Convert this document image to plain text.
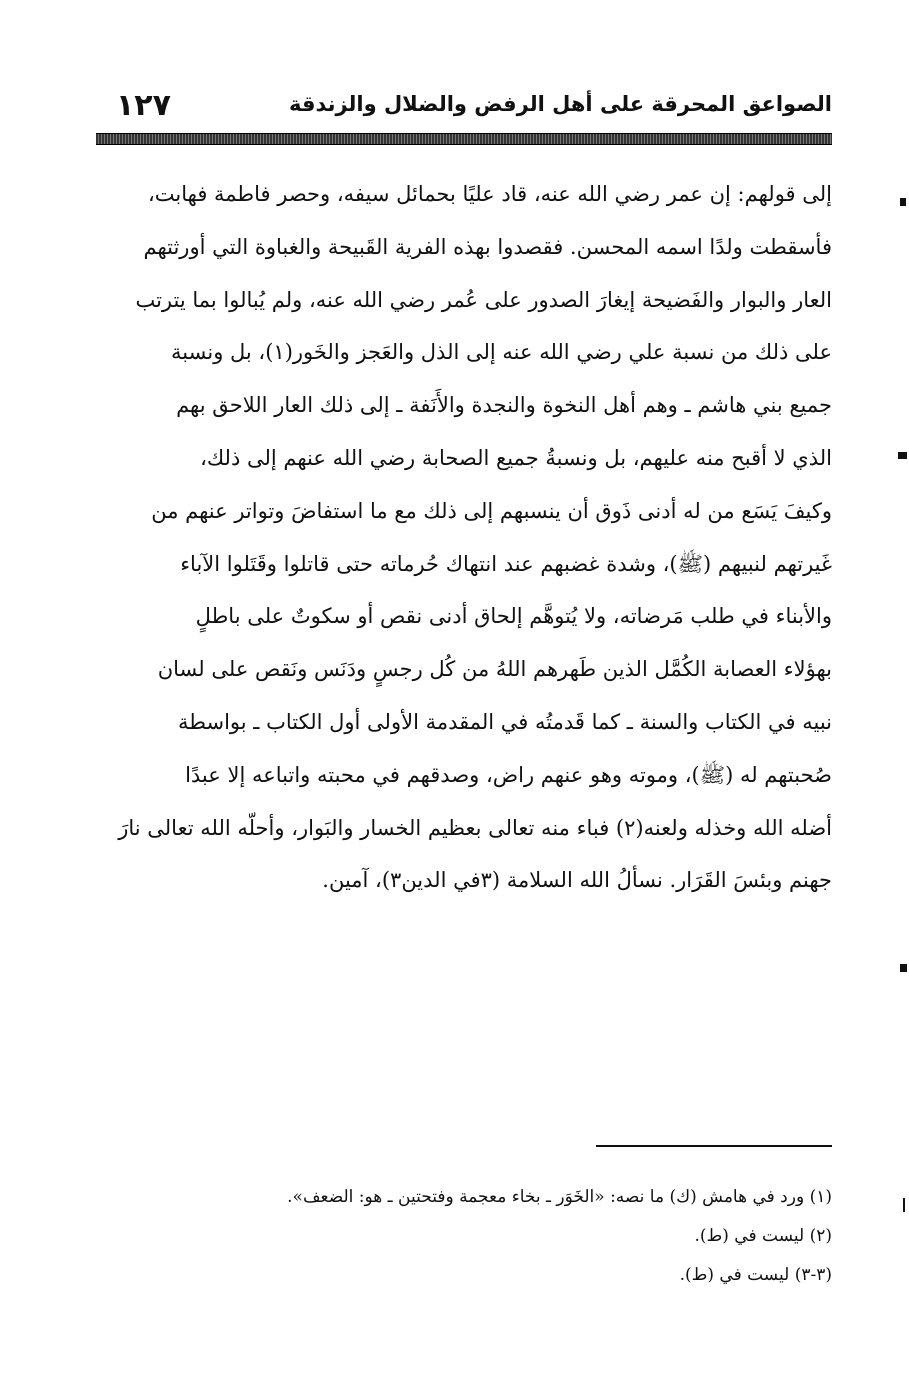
الصواعق المحرقة على أهل الرفض والضلال والزندقة
١٢٧
إلى قولهم: إن عمر رضي الله عنه، قاد عليًا بحمائل سيفه، وحصر فاطمة فهابت،
فأسقطت ولدًا اسمه المحسن. فقصدوا بهذه الفرية القَبيحة والغباوة التي أورثتهم
العار والبوار والفَضيحة إيغارَ الصدور على عُمر رضي الله عنه، ولم يُبالوا بما يترتب
على ذلك من نسبة علي رضي الله عنه إلى الذل والعَجز والخَور(١)، بل ونسبة
جميع بني هاشم ـ وهم أهل النخوة والنجدة والأَنَفة ـ إلى ذلك العار اللاحق بهم
الذي لا أقبح منه عليهم، بل ونسبةُ جميع الصحابة رضي الله عنهم إلى ذلك،
وكيفَ يَسَع من له أدنى ذَوق أن ينسبهم إلى ذلك مع ما استفاضَ وتواتر عنهم من
غَيرتهم لنبيهم (ﷺ)، وشدة غضبهم عند انتهاك حُرماته حتى قاتلوا وقَتَلوا الآباء
والأبناء في طلب مَرضاته، ولا يُتوهَّم إلحاق أدنى نقص أو سكوتٌ على باطلٍ
بهؤلاء العصابة الكُمَّل الذين طَهرهم اللهُ من كُل رجسٍ ودَنَس ونَقص على لسان
نبيه في الكتاب والسنة ـ كما قَدمتُه في المقدمة الأولى أول الكتاب ـ بواسطة
صُحبتهم له (ﷺ)، وموته وهو عنهم راض، وصدقهم في محبته واتباعه إلا عبدًا
أضله الله وخذله ولعنه(٢) فباء منه تعالى بعظيم الخسار والبَوار، وأحلّه الله تعالى نارَ
جهنم وبئسَ القَرَار. نسألُ الله السلامة (٣في الدين٣)، آمين.
(١) ورد في هامش (ك) ما نصه: «الخَوَر ـ بخاء معجمة وفتحتين ـ هو: الضعف».
(٢) ليست في (ط).
(٣-٣) ليست في (ط).
